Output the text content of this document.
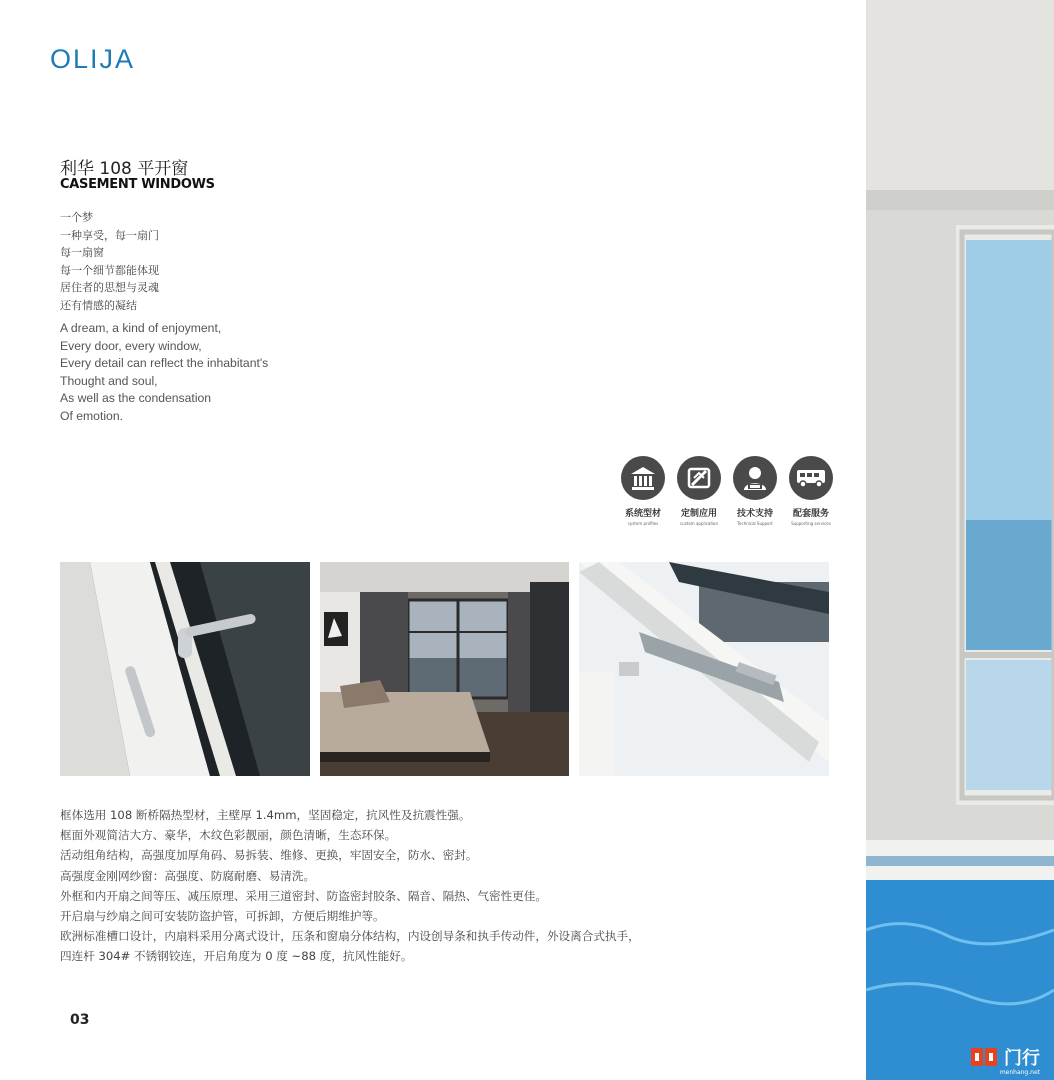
OLIJA
利华 108 平开窗
CASEMENT WINDOWS
一个梦
一种享受，每一扇门
每一扇窗
每一个细节都能体现
居住者的思想与灵魂
还有情感的凝结
A dream, a kind of enjoyment,
Every door, every window,
Every detail can reflect the inhabitant's
Thought and soul,
As well as the condensation
Of emotion.
系统型材
system profiles
定制应用
custom application
技术支持
Technical Support
配套服务
Supporting services
框体选用 108 断桥隔热型材，主壁厚 1.4mm，坚固稳定，抗风性及抗震性强。
框面外观简洁大方、豪华，木纹色彩靓丽，颜色清晰，生态环保。
活动组角结构，高强度加厚角码、易拆装、维修、更换，牢固安全，防水、密封。
高强度金刚网纱窗：高强度、防腐耐磨、易清洗。
外框和内开扇之间等压、减压原理、采用三道密封、防盗密封胶条、隔音、隔热、气密性更佳。
开启扇与纱扇之间可安装防盗护管，可拆卸，方便后期维护等。
欧洲标准槽口设计，内扇料采用分离式设计，压条和窗扇分体结构，内设创导条和执手传动件，外设离合式执手，
四连杆 304# 不锈钢铰连，开启角度为 0 度 ~88 度，抗风性能好。
03
门行
menhang.net
